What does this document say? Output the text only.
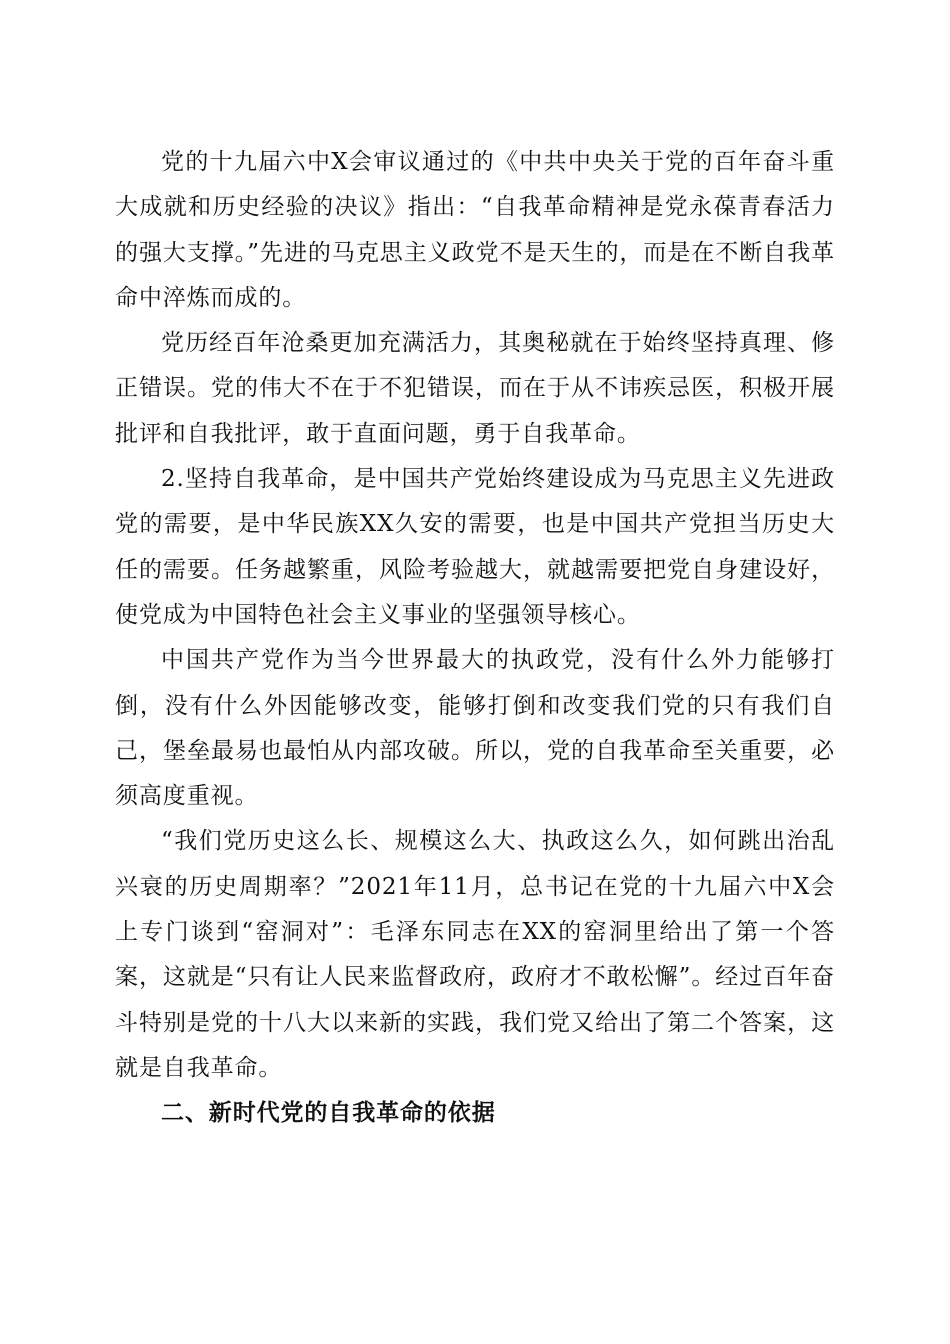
党的十九届六中X会审议通过的《中共中央关于党的百年奋斗重大成就和历史经验的决议》指出：“自我革命精神是党永葆青春活力的强大支撑。”先进的马克思主义政党不是天生的，而是在不断自我革命中淬炼而成的。

党历经百年沧桑更加充满活力，其奥秘就在于始终坚持真理、修正错误。党的伟大不在于不犯错误，而在于从不讳疾忌医，积极开展批评和自我批评，敢于直面问题，勇于自我革命。

2.坚持自我革命，是中国共产党始终建设成为马克思主义先进政党的需要，是中华民族XX久安的需要，也是中国共产党担当历史大任的需要。任务越繁重，风险考验越大，就越需要把党自身建设好，使党成为中国特色社会主义事业的坚强领导核心。

中国共产党作为当今世界最大的执政党，没有什么外力能够打倒，没有什么外因能够改变，能够打倒和改变我们党的只有我们自己，堡垒最易也最怕从内部攻破。所以，党的自我革命至关重要，必须高度重视。

“我们党历史这么长、规模这么大、执政这么久，如何跳出治乱兴衰的历史周期率？”2021年11月，总书记在党的十九届六中X会上专门谈到“窑洞对”：毛泽东同志在XX的窑洞里给出了第一个答案，这就是“只有让人民来监督政府，政府才不敢松懈”。经过百年奋斗特别是党的十八大以来新的实践，我们党又给出了第二个答案，这就是自我革命。

二、新时代党的自我革命的依据
